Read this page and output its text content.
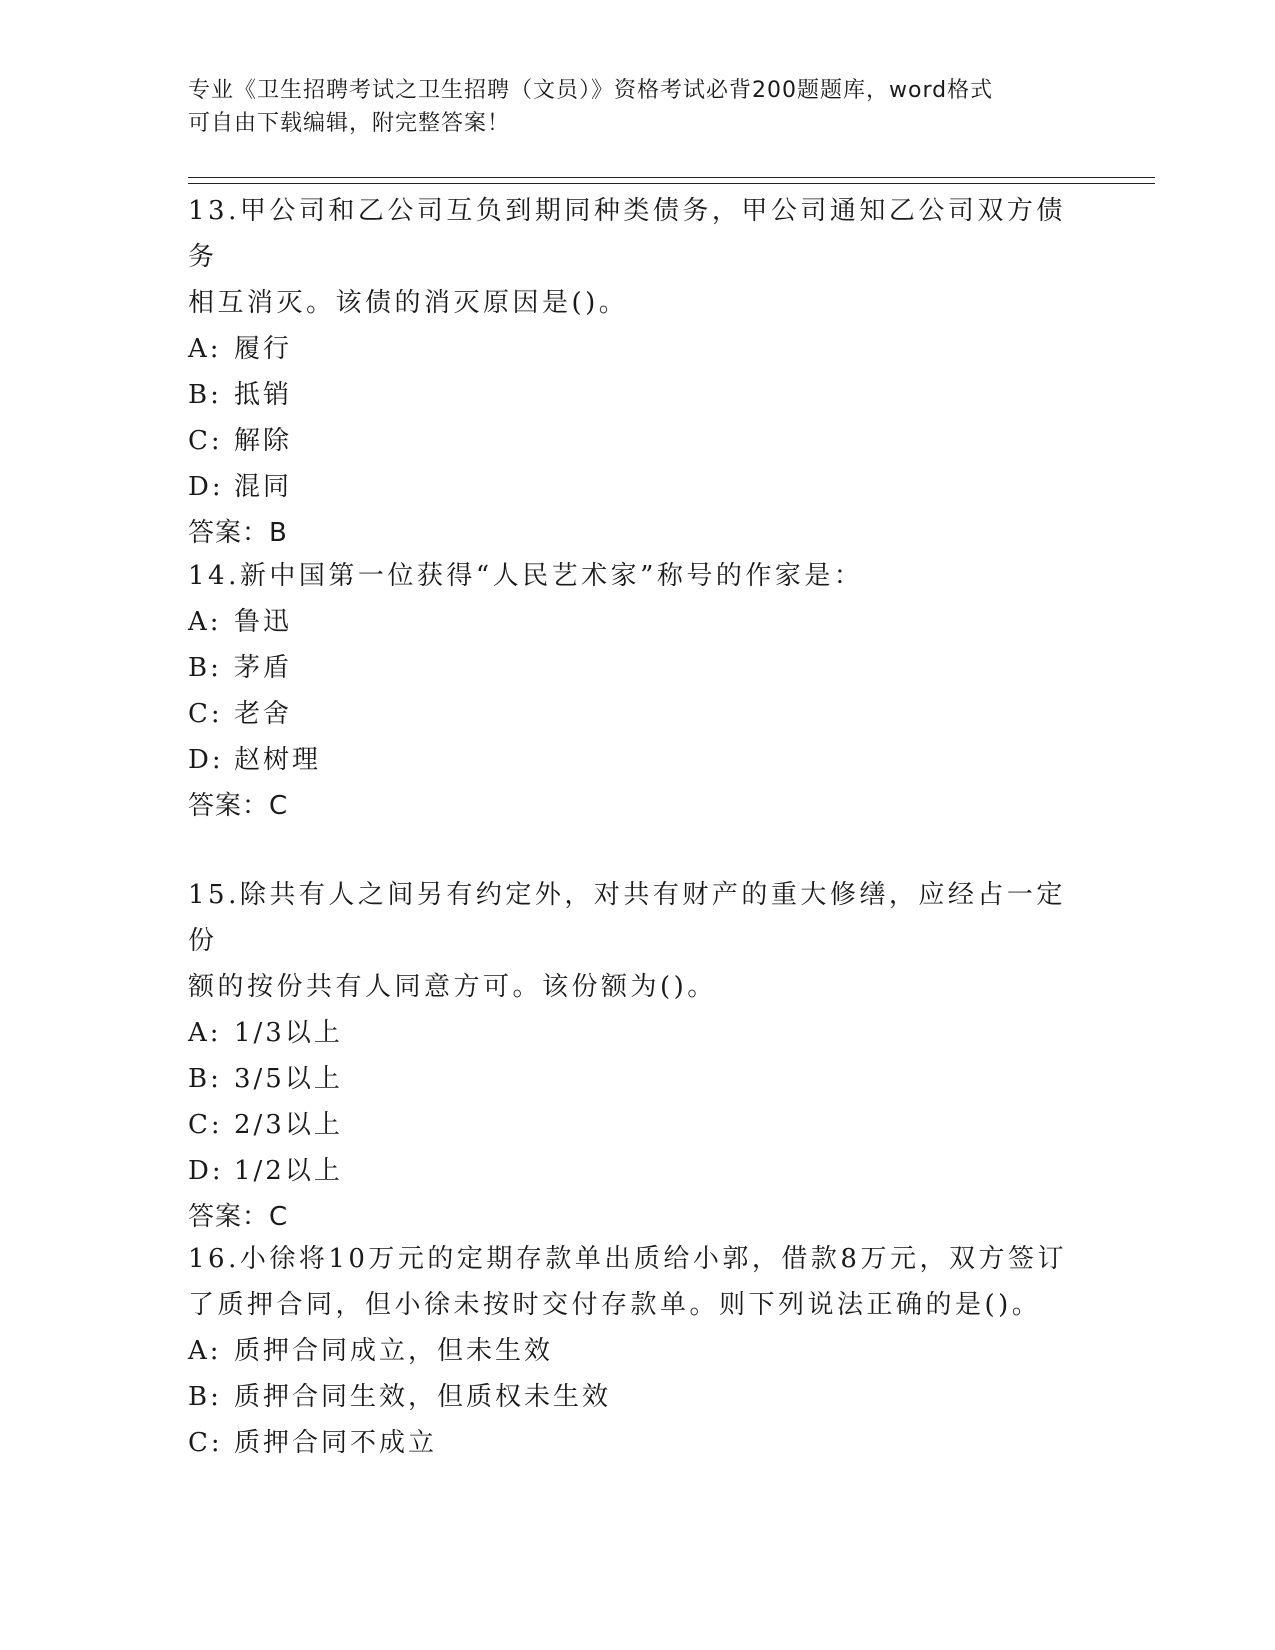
专业《卫生招聘考试之卫生招聘（文员）》资格考试必背200题题库，word格式
可自由下载编辑，附完整答案！

13.甲公司和乙公司互负到期同种类债务，甲公司通知乙公司双方债务

相互消灭。该债的消灭原因是()。

A: 履行

B: 抵销

C: 解除

D: 混同

答案：B

14.新中国第一位获得“人民艺术家”称号的作家是：

A: 鲁迅

B: 茅盾

C: 老舍

D: 赵树理

答案：C

15.除共有人之间另有约定外，对共有财产的重大修缮，应经占一定份

额的按份共有人同意方可。该份额为()。

A: 1/3以上

B: 3/5以上

C: 2/3以上

D: 1/2以上

答案：C

16.小徐将10万元的定期存款单出质给小郭，借款8万元，双方签订

了质押合同，但小徐未按时交付存款单。则下列说法正确的是()。

A: 质押合同成立，但未生效

B: 质押合同生效，但质权未生效

C: 质押合同不成立
